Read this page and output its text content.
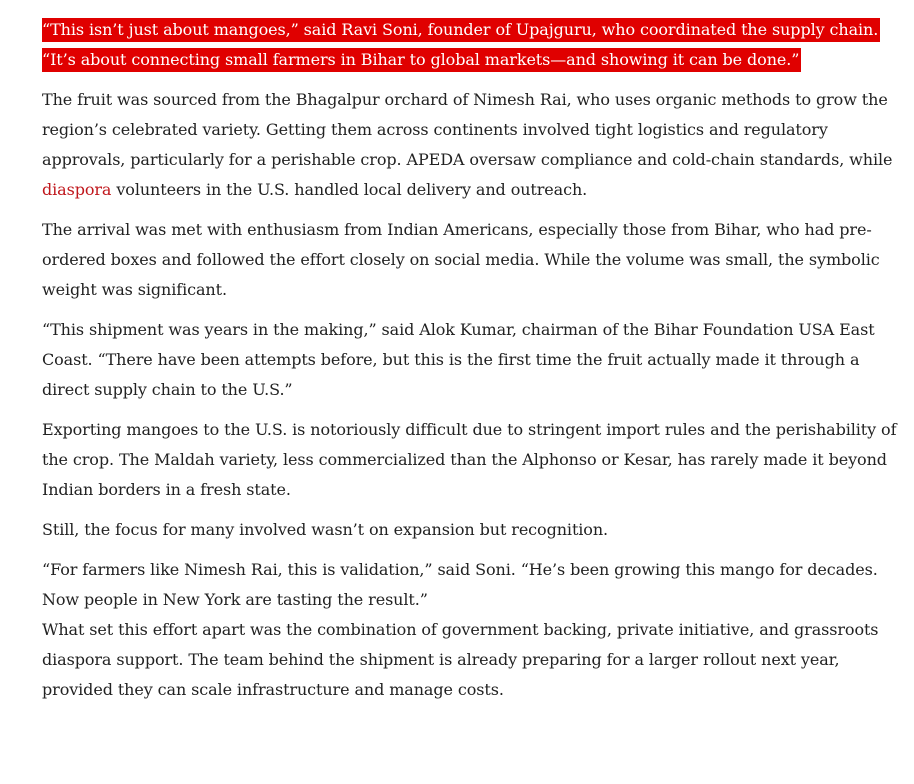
“This isn’t just about mangoes,” said Ravi Soni, founder of Upajguru, who coordinated the supply chain.
“It’s about connecting small farmers in Bihar to global markets—and showing it can be done.”

The fruit was sourced from the Bhagalpur orchard of Nimesh Rai, who uses organic methods to grow the region’s celebrated variety. Getting them across continents involved tight logistics and regulatory approvals, particularly for a perishable crop. APEDA oversaw compliance and cold-chain standards, while diaspora volunteers in the U.S. handled local delivery and outreach.

The arrival was met with enthusiasm from Indian Americans, especially those from Bihar, who had pre-ordered boxes and followed the effort closely on social media. While the volume was small, the symbolic weight was significant.

“This shipment was years in the making,” said Alok Kumar, chairman of the Bihar Foundation USA East Coast. “There have been attempts before, but this is the first time the fruit actually made it through a direct supply chain to the U.S.”

Exporting mangoes to the U.S. is notoriously difficult due to stringent import rules and the perishability of the crop. The Maldah variety, less commercialized than the Alphonso or Kesar, has rarely made it beyond Indian borders in a fresh state.

Still, the focus for many involved wasn’t on expansion but recognition.

“For farmers like Nimesh Rai, this is validation,” said Soni. “He’s been growing this mango for decades. Now people in New York are tasting the result.”

What set this effort apart was the combination of government backing, private initiative, and grassroots diaspora support. The team behind the shipment is already preparing for a larger rollout next year, provided they can scale infrastructure and manage costs.
